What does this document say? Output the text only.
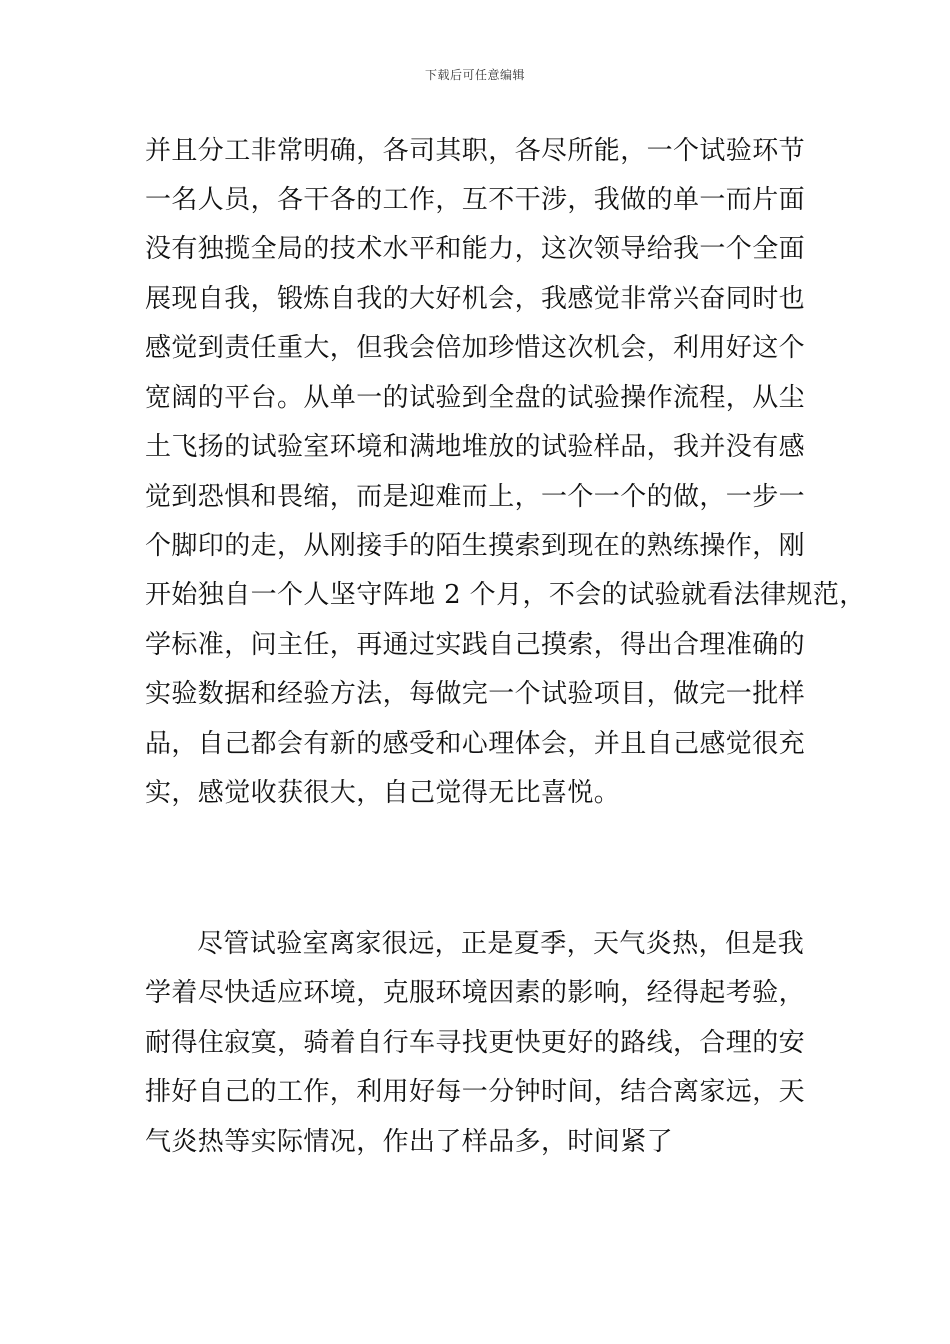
下载后可任意编辑
并且分工非常明确，各司其职，各尽所能，一个试验环节
一名人员，各干各的工作，互不干涉，我做的单一而片面
没有独揽全局的技术水平和能力，这次领导给我一个全面
展现自我，锻炼自我的大好机会，我感觉非常兴奋同时也
感觉到责任重大，但我会倍加珍惜这次机会，利用好这个
宽阔的平台。从单一的试验到全盘的试验操作流程，从尘
土飞扬的试验室环境和满地堆放的试验样品，我并没有感
觉到恐惧和畏缩，而是迎难而上，一个一个的做，一步一
个脚印的走，从刚接手的陌生摸索到现在的熟练操作，刚
开始独自一个人坚守阵地 2 个月，不会的试验就看法律规范，
学标准，问主任，再通过实践自己摸索，得出合理准确的
实验数据和经验方法，每做完一个试验项目，做完一批样
品，自己都会有新的感受和心理体会，并且自己感觉很充
实，感觉收获很大，自己觉得无比喜悦。
尽管试验室离家很远，正是夏季，天气炎热，但是我
学着尽快适应环境，克服环境因素的影响，经得起考验，
耐得住寂寞，骑着自行车寻找更快更好的路线，合理的安
排好自己的工作，利用好每一分钟时间，结合离家远，天
气炎热等实际情况，作出了样品多，时间紧了
